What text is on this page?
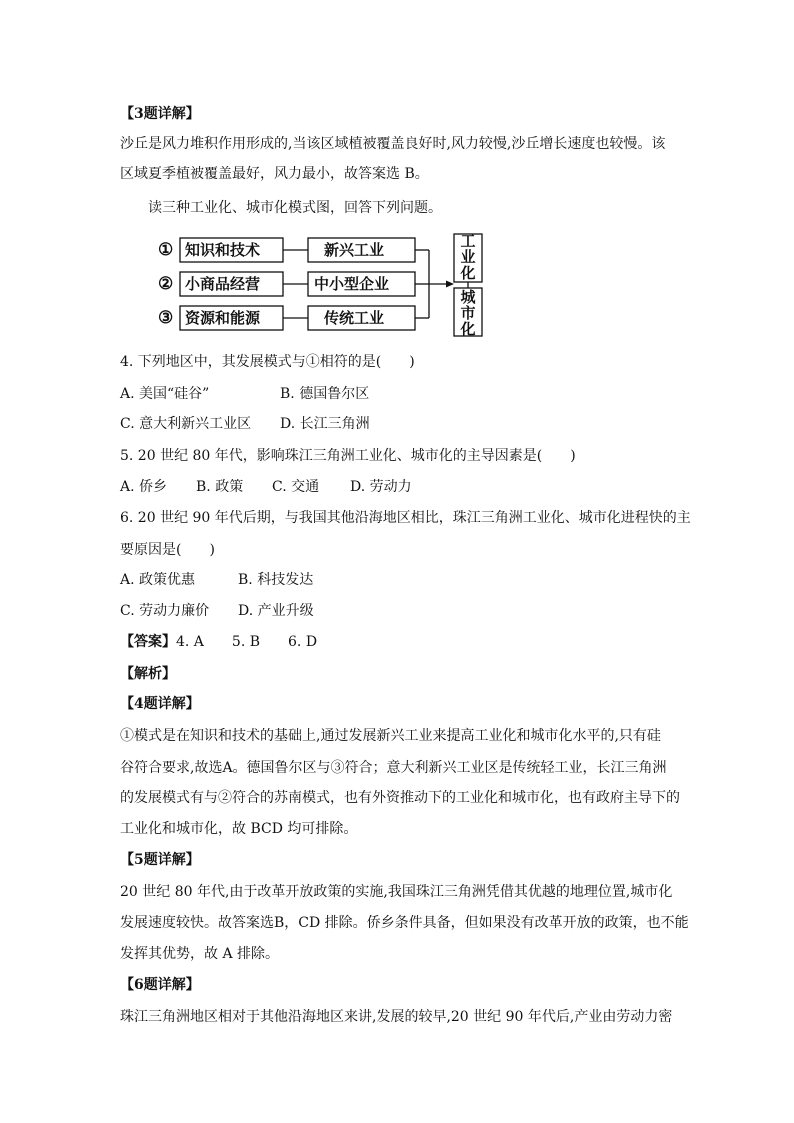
【3题详解】
沙丘是风力堆积作用形成的,当该区域植被覆盖良好时,风力较慢,沙丘增长速度也较慢。该
区域夏季植被覆盖最好，风力最小，故答案选 B。
读三种工业化、城市化模式图，回答下列问题。
①
②
③
知识和技术
小商品经营
资源和能源
新兴工业
中小型企业
传统工业
工
业
化
城
市
化
4. 下列地区中，其发展模式与①相符的是(　　)
A. 美国“硅谷”	B. 德国鲁尔区
C. 意大利新兴工业区 D. 长江三角洲
5. 20 世纪 80 年代，影响珠江三角洲工业化、城市化的主导因素是(　　)
A. 侨乡 B. 政策 C. 交通 D. 劳动力
6. 20 世纪 90 年代后期，与我国其他沿海地区相比，珠江三角洲工业化、城市化进程快的主
要原因是(　　)
A. 政策优惠	B. 科技发达
C. 劳动力廉价 D. 产业升级
【答案】4. A　　5. B　　6. D
【解析】
【4题详解】
①模式是在知识和技术的基础上,通过发展新兴工业来提高工业化和城市化水平的,只有硅
谷符合要求,故选A。德国鲁尔区与③符合；意大利新兴工业区是传统轻工业，长江三角洲
的发展模式有与②符合的苏南模式，也有外资推动下的工业化和城市化，也有政府主导下的
工业化和城市化，故 BCD 均可排除。
【5题详解】
20 世纪 80 年代,由于改革开放政策的实施,我国珠江三角洲凭借其优越的地理位置,城市化
发展速度较快。故答案选B，CD 排除。侨乡条件具备，但如果没有改革开放的政策，也不能
发挥其优势，故 A 排除。
【6题详解】
珠江三角洲地区相对于其他沿海地区来讲,发展的较早,20 世纪 90 年代后,产业由劳动力密
